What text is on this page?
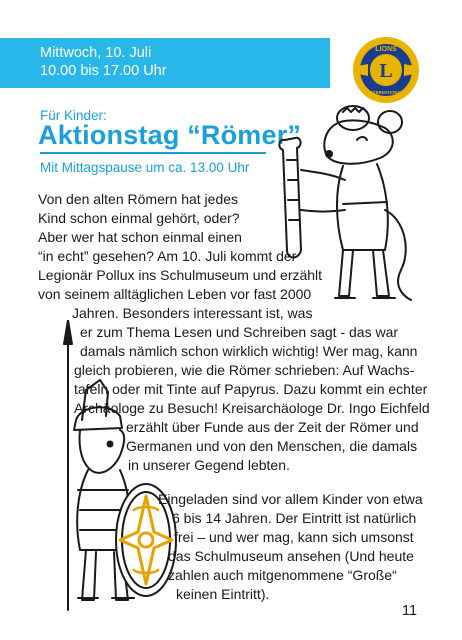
Mittwoch, 10. Juli
10.00 bis 17.00 Uhr	L
LIONS
INTERNATIONAL
Für Kinder:
Aktionstag “Römer”
Mit Mittagspause um ca. 13.00 Uhr
Von den alten Römern hat jedes
Kind schon einmal gehört, oder?
Aber wer hat schon einmal einen
“in echt” gesehen? Am 10. Juli kommt der
Legionär Pollux ins Schulmuseum und erzählt
von seinem alltäglichen Leben vor fast 2000
Jahren. Besonders interessant ist, was
er zum Thema Lesen und Schreiben sagt - das war
damals nämlich schon wirklich wichtig! Wer mag, kann
gleich probieren, wie die Römer schrieben: Auf Wachs-
tafeln oder mit Tinte auf Papyrus. Dazu kommt ein echter
Archäologe zu Besuch! Kreisarchäologe Dr. Ingo Eichfeld
erzählt über Funde aus der Zeit der Römer und
Germanen und von den Menschen, die damals
in unserer Gegend lebten.
Eingeladen sind vor allem Kinder von etwa
6 bis 14 Jahren. Der Eintritt ist natürlich
frei – und wer mag, kann sich umsonst
das Schulmuseum ansehen (Und heute
zahlen auch mitgenommene “Große“
keinen Eintritt).
11
